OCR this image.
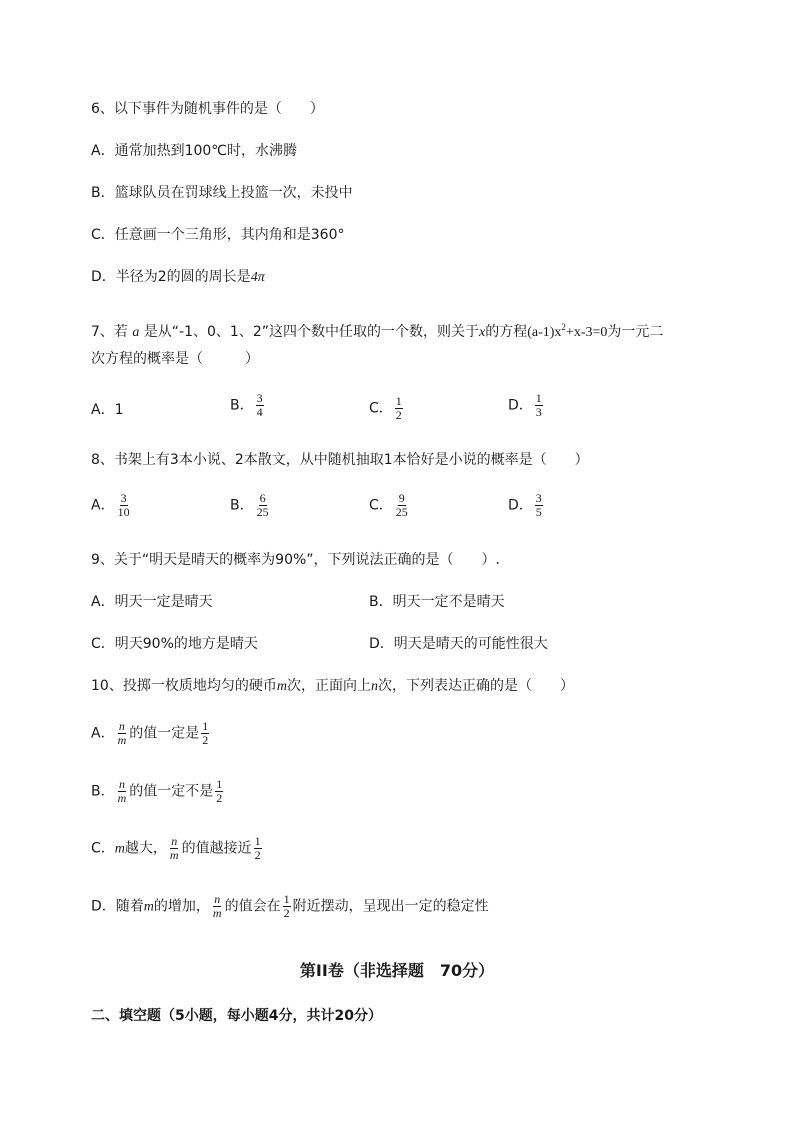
6、以下事件为随机事件的是（　　）
A．通常加热到100℃时，水沸腾
B．篮球队员在罚球线上投篮一次，未投中
C．任意画一个三角形，其内角和是360°
D．半径为2的圆的周长是4π
7、若 a 是从“-1、0、1、2”这四个数中任取的一个数，则关于x的方程$(a-1)x^2+x-3=0$为一元二
次方程的概率是（　　　）
A．1	B． $\frac{3}{4}$	C． $\frac{1}{2}$	D． $\frac{1}{3}$
8、书架上有3本小说、2本散文，从中随机抽取1本恰好是小说的概率是（　　）
A． $\frac{3}{10}$	B． $\frac{6}{25}$	C． $\frac{9}{25}$	D． $\frac{3}{5}$
9、关于“明天是晴天的概率为90%”，下列说法正确的是（　　）.
A．明天一定是晴天	B．明天一定不是晴天
C．明天90%的地方是晴天	D．明天是晴天的可能性很大
10、投掷一枚质地均匀的硬币m次，正面向上n次，下列表达正确的是（　　）
A． $\frac{n}{m}$ 的值一定是 $\frac{1}{2}$
B． $\frac{n}{m}$ 的值一定不是 $\frac{1}{2}$
C．m越大， $\frac{n}{m}$ 的值越接近 $\frac{1}{2}$
D．随着m的增加， $\frac{n}{m}$ 的值会在 $\frac{1}{2}$ 附近摆动，呈现出一定的稳定性
第II卷（非选择题　70分）
二、填空题（5小题，每小题4分，共计20分）
